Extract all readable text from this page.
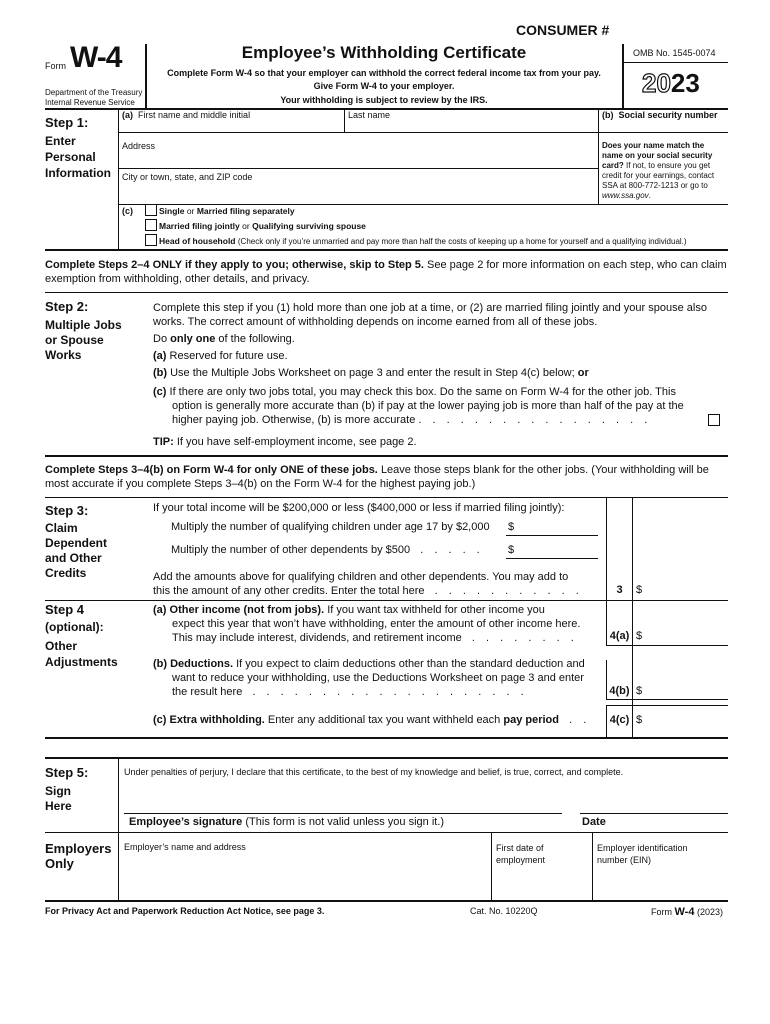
CONSUMER #
Form W-4
Department of the Treasury
Internal Revenue Service
Employee’s Withholding Certificate
Complete Form W-4 so that your employer can withhold the correct federal income tax from your pay.
Give Form W-4 to your employer.
Your withholding is subject to review by the IRS.
OMB No. 1545-0074
2023
Step 1:
Enter
Personal
Information
(a) First name and middle initial	Last name	(b) Social security number
Address
City or town, state, and ZIP code
Does your name match the name on your social security card? If not, to ensure you get credit for your earnings, contact SSA at 800-772-1213 or go to www.ssa.gov.
(c)	Single or Married filing separately
Married filing jointly or Qualifying surviving spouse
Head of household (Check only if you’re unmarried and pay more than half the costs of keeping up a home for yourself and a qualifying individual.)
Complete Steps 2–4 ONLY if they apply to you; otherwise, skip to Step 5. See page 2 for more information on each step, who can claim exemption from withholding, other details, and privacy.
Step 2:
Multiple Jobs
or Spouse
Works
Complete this step if you (1) hold more than one job at a time, or (2) are married filing jointly and your spouse also works. The correct amount of withholding depends on income earned from all of these jobs.
Do only one of the following.
(a) Reserved for future use.
(b) Use the Multiple Jobs Worksheet on page 3 and enter the result in Step 4(c) below; or
(c) If there are only two jobs total, you may check this box. Do the same on Form W-4 for the other job. This
option is generally more accurate than (b) if pay at the lower paying job is more than half of the pay at the
higher paying job. Otherwise, (b) is more accurate . . . . . . . . . . . . . . . . .
TIP: If you have self-employment income, see page 2.
Complete Steps 3–4(b) on Form W-4 for only ONE of these jobs. Leave those steps blank for the other jobs. (Your withholding will be most accurate if you complete Steps 3–4(b) on the Form W-4 for the highest paying job.)
Step 3:
Claim
Dependent
and Other
Credits
If your total income will be $200,000 or less ($400,000 or less if married filing jointly):
Multiply the number of qualifying children under age 17 by $2,000 $
Multiply the number of other dependents by $500  . . . . . $
Add the amounts above for qualifying children and other dependents. You may add to
this the amount of any other credits. Enter the total here  . . . . . . . . . . .	3	$
Step 4
(optional):
Other
Adjustments
(a) Other income (not from jobs). If you want tax withheld for other income you
expect this year that won’t have withholding, enter the amount of other income here.
This may include interest, dividends, and retirement income  . . . . . . . .	4(a) $
(b) Deductions. If you expect to claim deductions other than the standard deduction and
want to reduce your withholding, use the Deductions Worksheet on page 3 and enter
the result here  . . . . . . . . . . . . . . . . . . . .	4(b) $
(c) Extra withholding. Enter any additional tax you want withheld each pay period  . . 4(c) $
Step 5:
Sign
Here
Under penalties of perjury, I declare that this certificate, to the best of my knowledge and belief, is true, correct, and complete.
Employee’s signature (This form is not valid unless you sign it.)	Date
Employers
Only
Employer’s name and address	First date of
employment
Employer identification
number (EIN)
For Privacy Act and Paperwork Reduction Act Notice, see page 3.	Cat. No. 10220Q	Form W-4 (2023)
